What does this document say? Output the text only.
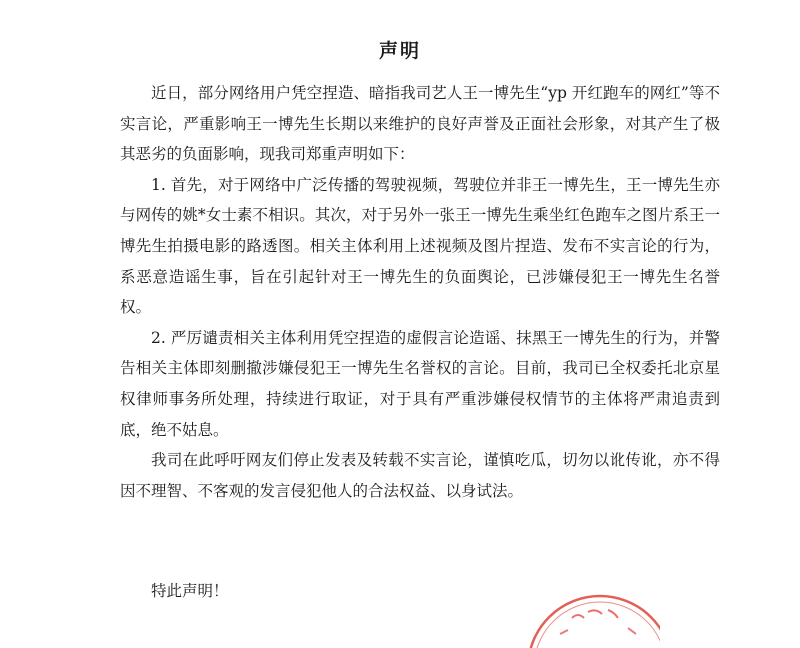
声明

近日，部分网络用户凭空捏造、暗指我司艺人王一博先生“yp 开红跑车的网红”等不实言论，严重影响王一博先生长期以来维护的良好声誉及正面社会形象，对其产生了极其恶劣的负面影响，现我司郑重声明如下：

1. 首先，对于网络中广泛传播的驾驶视频，驾驶位并非王一博先生，王一博先生亦与网传的姚*女士素不相识。其次，对于另外一张王一博先生乘坐红色跑车之图片系王一博先生拍摄电影的路透图。相关主体利用上述视频及图片捏造、发布不实言论的行为，系恶意造谣生事，旨在引起针对王一博先生的负面舆论，已涉嫌侵犯王一博先生名誉权。

2. 严厉谴责相关主体利用凭空捏造的虚假言论造谣、抹黑王一博先生的行为，并警告相关主体即刻删撤涉嫌侵犯王一博先生名誉权的言论。目前，我司已全权委托北京星权律师事务所处理，持续进行取证，对于具有严重涉嫌侵权情节的主体将严肃追责到底，绝不姑息。

我司在此呼吁网友们停止发表及转载不实言论，谨慎吃瓜，切勿以讹传讹，亦不得因不理智、不客观的发言侵犯他人的合法权益、以身试法。

特此声明！
